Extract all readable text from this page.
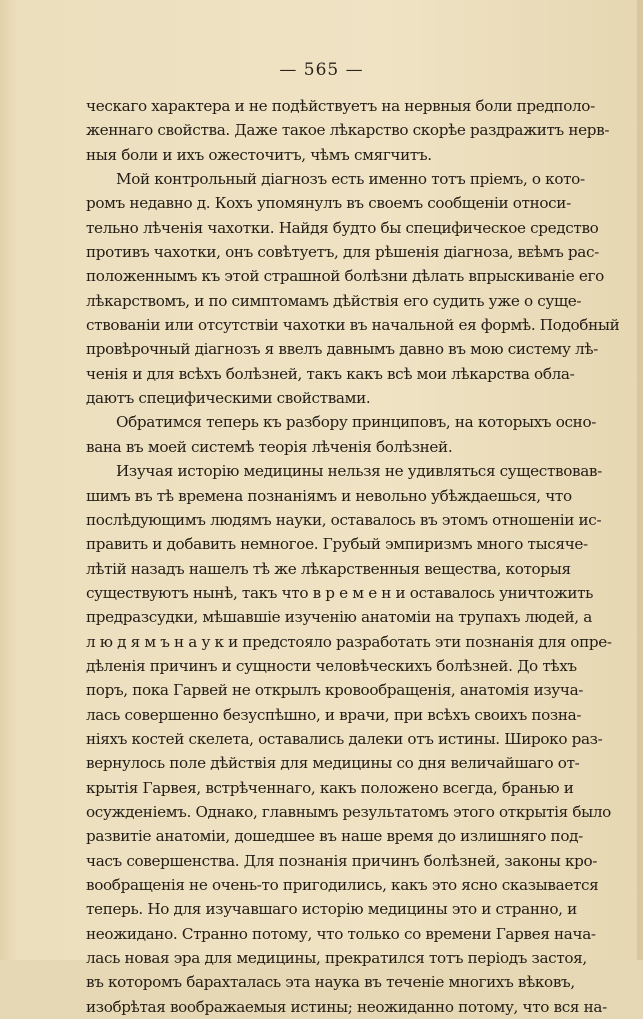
— 565 —
ческаго характера и не подѣйствуетъ на нервныя боли предполо-
женнаго свойства. Даже такое лѣкарство скорѣе раздражитъ нерв-
ныя боли и ихъ ожесточитъ, чѣмъ смягчитъ.
Мой контрольный діагнозъ есть именно тотъ пріемъ, о кото-
ромъ недавно д. Кохъ упомянулъ въ своемъ сообщеніи относи-
тельно лѣченія чахотки. Найдя будто бы специфическое средство
противъ чахотки, онъ совѣтуетъ, для рѣшенія діагноза, вᴇѣмъ рас-
положеннымъ къ этой страшной болѣзни дѣлать впрыскиваніе его
лѣкарствомъ, и по симптомамъ дѣйствія его судить уже о суще-
ствованіи или отсутствіи чахотки въ начальной ея формѣ. Подобный
провѣрочный діагнозъ я ввелъ давнымъ давно въ мою систему лѣ-
ченія и для всѣхъ болѣзней, такъ какъ всѣ мои лѣкарства обла-
даютъ специфическими свойствами.
Обратимся теперь къ разбору принциповъ, на которыхъ осно-
вана въ моей системѣ теорія лѣченія болѣзней.
Изучая исторію медицины нельзя не удивляться существовав-
шимъ въ тѣ времена познаніямъ и невольно убѣждаешься, что
послѣдующимъ людямъ науки, оставалось въ этомъ отношеніи ис-
править и добавить немногое. Грубый эмпиризмъ много тысяче-
лѣтій назадъ нашелъ тѣ же лѣкарственныя вещества, которыя
существуютъ нынѣ, такъ что в р е м е н и оставалось уничтожить
предразсудки, мѣшавшіе изученію анатоміи на трупахъ людей, а
л ю д я м ъ н а у к и предстояло разработать эти познанія для опре-
дѣленія причинъ и сущности человѣческихъ болѣзней. До тѣхъ
поръ, пока Гарвей не открылъ кровообращенія, анатомія изуча-
лась совершенно безуспѣшно, и врачи, при всѣхъ своихъ позна-
ніяхъ костей скелета, оставались далеки отъ истины. Широко раз-
вернулось поле дѣйствія для медицины со дня величайшаго от-
крытія Гарвея, встрѣченнаго, какъ положено всегда, бранью и
осужденіемъ. Однако, главнымъ результатомъ этого открытія было
развитіе анатоміи, дошедшее въ наше время до излишняго под-
часъ совершенства. Для познанія причинъ болѣзней, законы кро-
вообращенія не очень-то пригодились, какъ это ясно сказывается
теперь. Но для изучавшаго исторію медицины это и странно, и
неожидано. Странно потому, что только со времени Гарвея нача-
лась новая эра для медицины, прекратился тотъ періодъ застоя,
въ которомъ барахталась эта наука въ теченіе многихъ вѣковъ,
изобрѣтая воображаемыя истины; неожиданно потому, что вся на-
